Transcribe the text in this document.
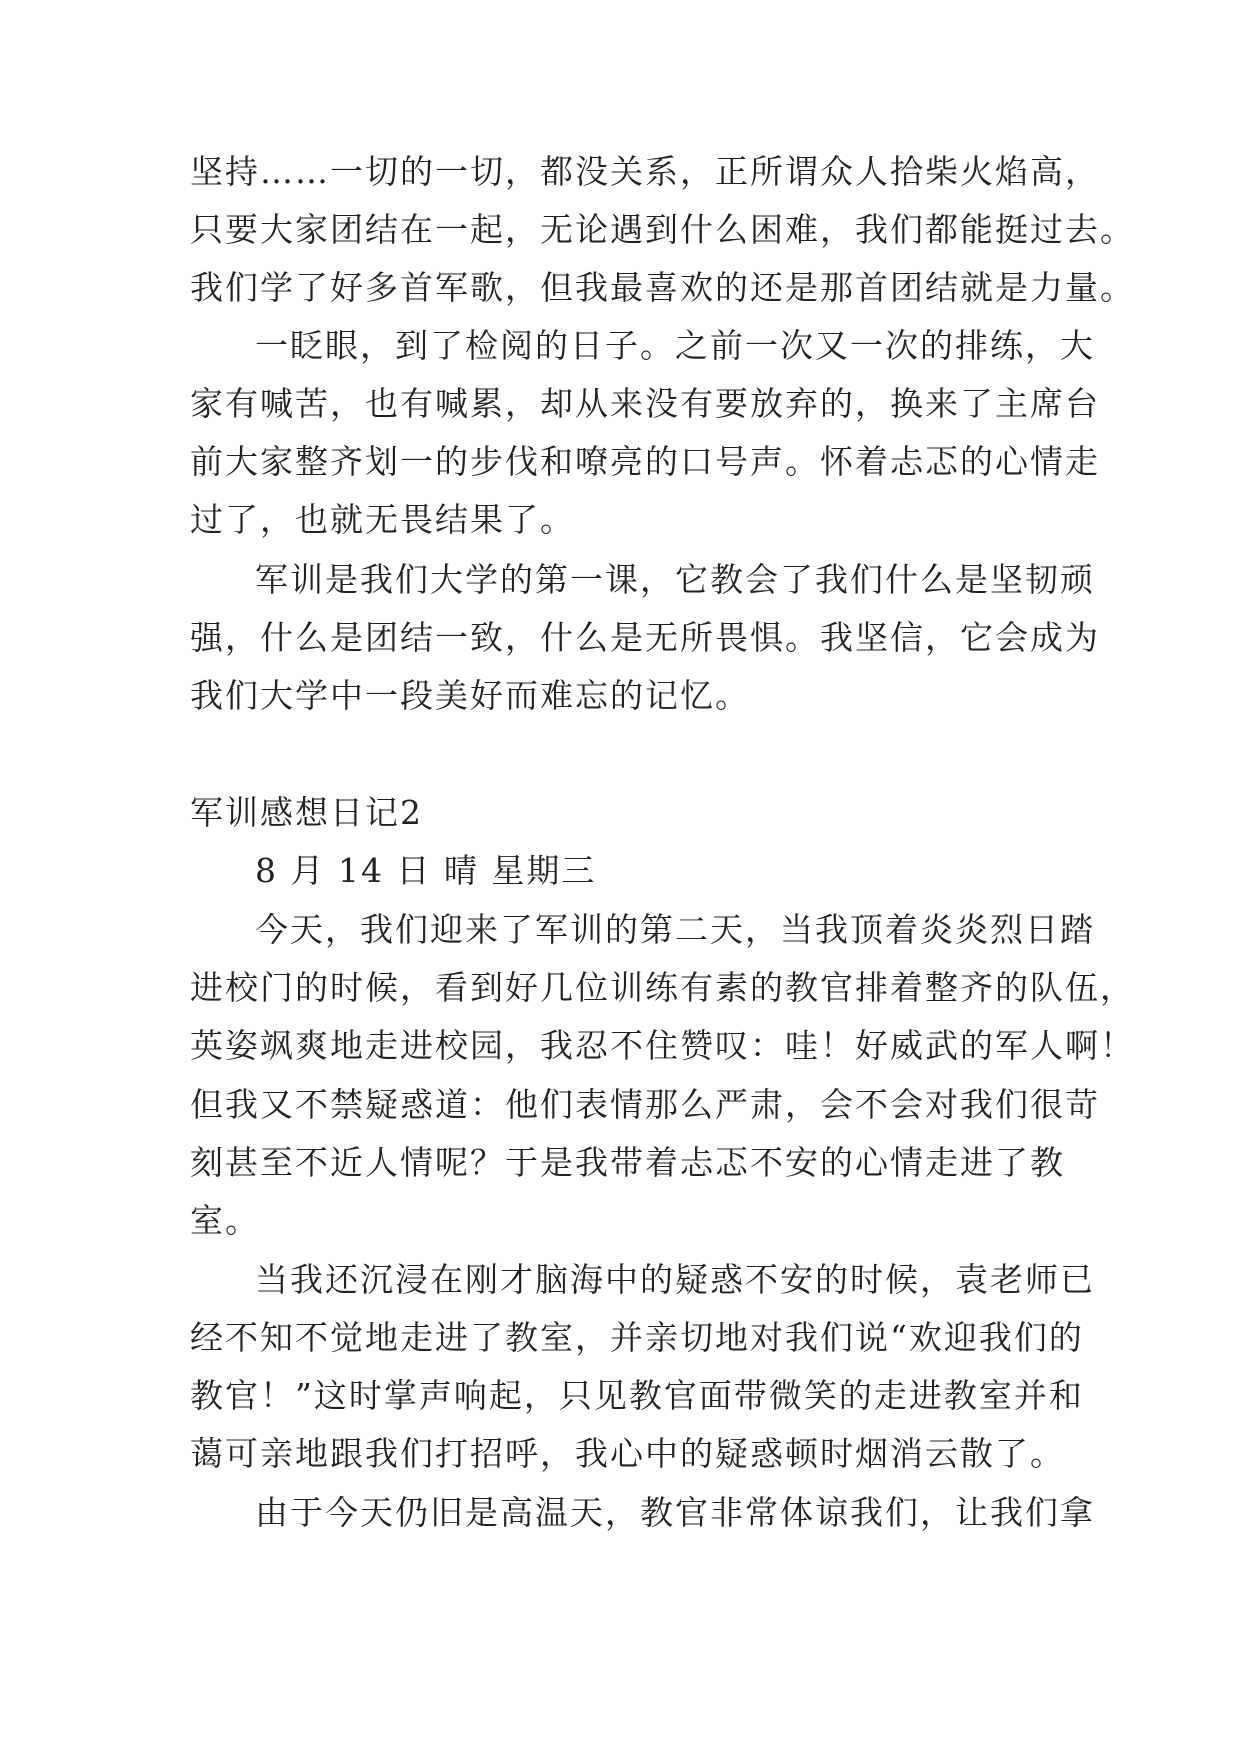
坚持……一切的一切，都没关系，正所谓众人拾柴火焰高，
只要大家团结在一起，无论遇到什么困难，我们都能挺过去。
我们学了好多首军歌，但我最喜欢的还是那首团结就是力量。
一眨眼，到了检阅的日子。之前一次又一次的排练，大
家有喊苦，也有喊累，却从来没有要放弃的，换来了主席台
前大家整齐划一的步伐和嘹亮的口号声。怀着忐忑的心情走
过了，也就无畏结果了。
军训是我们大学的第一课，它教会了我们什么是坚韧顽
强，什么是团结一致，什么是无所畏惧。我坚信，它会成为
我们大学中一段美好而难忘的记忆。
军训感想日记2
8 月 14 日 晴 星期三
今天，我们迎来了军训的第二天，当我顶着炎炎烈日踏
进校门的时候，看到好几位训练有素的教官排着整齐的队伍，
英姿飒爽地走进校园，我忍不住赞叹：哇！好威武的军人啊！
但我又不禁疑惑道：他们表情那么严肃，会不会对我们很苛
刻甚至不近人情呢？于是我带着忐忑不安的心情走进了教
室。
当我还沉浸在刚才脑海中的疑惑不安的时候，袁老师已
经不知不觉地走进了教室，并亲切地对我们说“欢迎我们的
教官！”这时掌声响起，只见教官面带微笑的走进教室并和
蔼可亲地跟我们打招呼，我心中的疑惑顿时烟消云散了。
由于今天仍旧是高温天，教官非常体谅我们，让我们拿
